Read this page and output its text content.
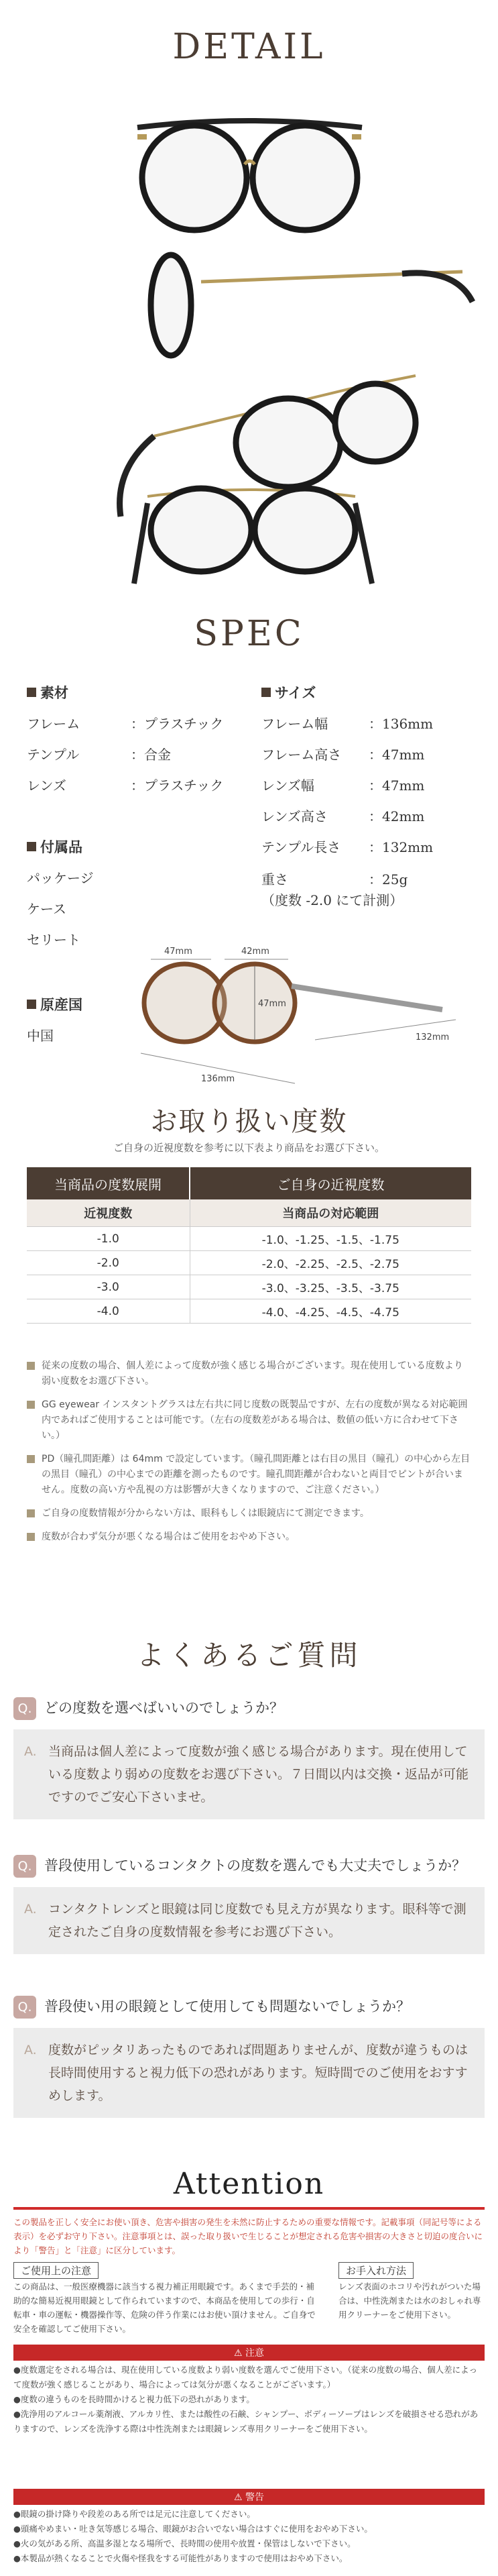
DETAIL
SPEC
素材
フレーム	：プラスチック
テンプル	：合金
レンズ	：プラスチック
付属品
パッケージ
ケース
セリート
原産国
中国
サイズ
フレーム幅	：136mm
フレーム高さ	：47mm
レンズ幅	：47mm
レンズ高さ	：42mm
テンプル長さ	：132mm
重さ	：25g
（度数 -2.0 にて計測）
47mm	42mm
47mm
136mm
132mm
お取り扱い度数
ご自身の近視度数を参考に以下表より商品をお選び下さい。
当商品の度数展開	ご自身の近視度数
近視度数	当商品の対応範囲
-1.0	-1.0、-1.25、-1.5、-1.75
-2.0	-2.0、-2.25、-2.5、-2.75
-3.0	-3.0、-3.25、-3.5、-3.75
-4.0	-4.0、-4.25、-4.5、-4.75
従来の度数の場合、個人差によって度数が強く感じる場合がございます。現在使用している度数より弱い度数をお選び下さい。
GG eyewear インスタントグラスは左右共に同じ度数の既製品ですが、左右の度数が異なる対応範囲内であればご使用することは可能です。（左右の度数差がある場合は、数値の低い方に合わせて下さい。）
PD（瞳孔間距離）は 64mm で設定しています。（瞳孔間距離とは右目の黒目（瞳孔）の中心から左目の黒目（瞳孔）の中心までの距離を測ったものです。瞳孔間距離が合わないと両目でピントが合いません。度数の高い方や乱視の方は影響が大きくなりますので、ご注意ください。）
ご自身の度数情報が分からない方は、眼科もしくは眼鏡店にて測定できます。
度数が合わず気分が悪くなる場合はご使用をおやめ下さい。
よくあるご質問
Q. どの度数を選べばいいのでしょうか？
A. 当商品は個人差によって度数が強く感じる場合があります。現在使用している度数より弱めの度数をお選び下さい。７日間以内は交換・返品が可能ですのでご安心下さいませ。
Q. 普段使用しているコンタクトの度数を選んでも大丈夫でしょうか？
A. コンタクトレンズと眼鏡は同じ度数でも見え方が異なります。眼科等で測定されたご自身の度数情報を参考にお選び下さい。
Q. 普段使い用の眼鏡として使用しても問題ないでしょうか？
A. 度数がピッタリあったものであれば問題ありませんが、度数が違うものは長時間使用すると視力低下の恐れがあります。短時間でのご使用をおすすめします。
Attention
この製品を正しく安全にお使い頂き、危害や損害の発生を未然に防止するための重要な情報です。記載事項（同記号等による表示）を必ずお守り下さい。注意事項とは、誤った取り扱いで生じることが想定される危害や損害の大きさと切迫の度合いにより「警告」と「注意」に区分しています。
ご使用上の注意
この商品は、一般医療機器に該当する視力補正用眼鏡です。あくまで手芸的・補助的な簡易近視用眼鏡として作られていますので、本商品を使用しての歩行・自転車・車の運転・機器操作等、危険の伴う作業にはお使い頂けません。ご自身で安全を確認してご使用下さい。
お手入れ方法
レンズ表面のホコリや汚れがついた場合は、中性洗剤または水のおしゃれ専用クリーナーをご使用下さい。
⚠ 注意
●度数選定をされる場合は、現在使用している度数より弱い度数を選んでご使用下さい。（従来の度数の場合、個人差によって度数が強く感じることがあり、場合によっては気分が悪くなることがございます。）
●度数の違うものを長時間かけると視力低下の恐れがあります。
●洗浄用のアルコール薬剤液、アルカリ性、または酸性の石鹸、シャンプー、ボディーソープはレンズを破損させる恐れがありますので、レンズを洗浄する際は中性洗剤または眼鏡レンズ専用クリーナーをご使用下さい。
⚠ 警告
●眼鏡の掛け降りや段差のある所では足元に注意してください。
●頭痛やめまい・吐き気等感じる場合、眼鏡がお合いでない場合はすぐに使用をおやめ下さい。
●火の気がある所、高温多湿となる場所で、長時間の使用や放置・保管はしないで下さい。
●本製品が熱くなることで火傷や怪我をする可能性がありますので使用はおやめ下さい。
